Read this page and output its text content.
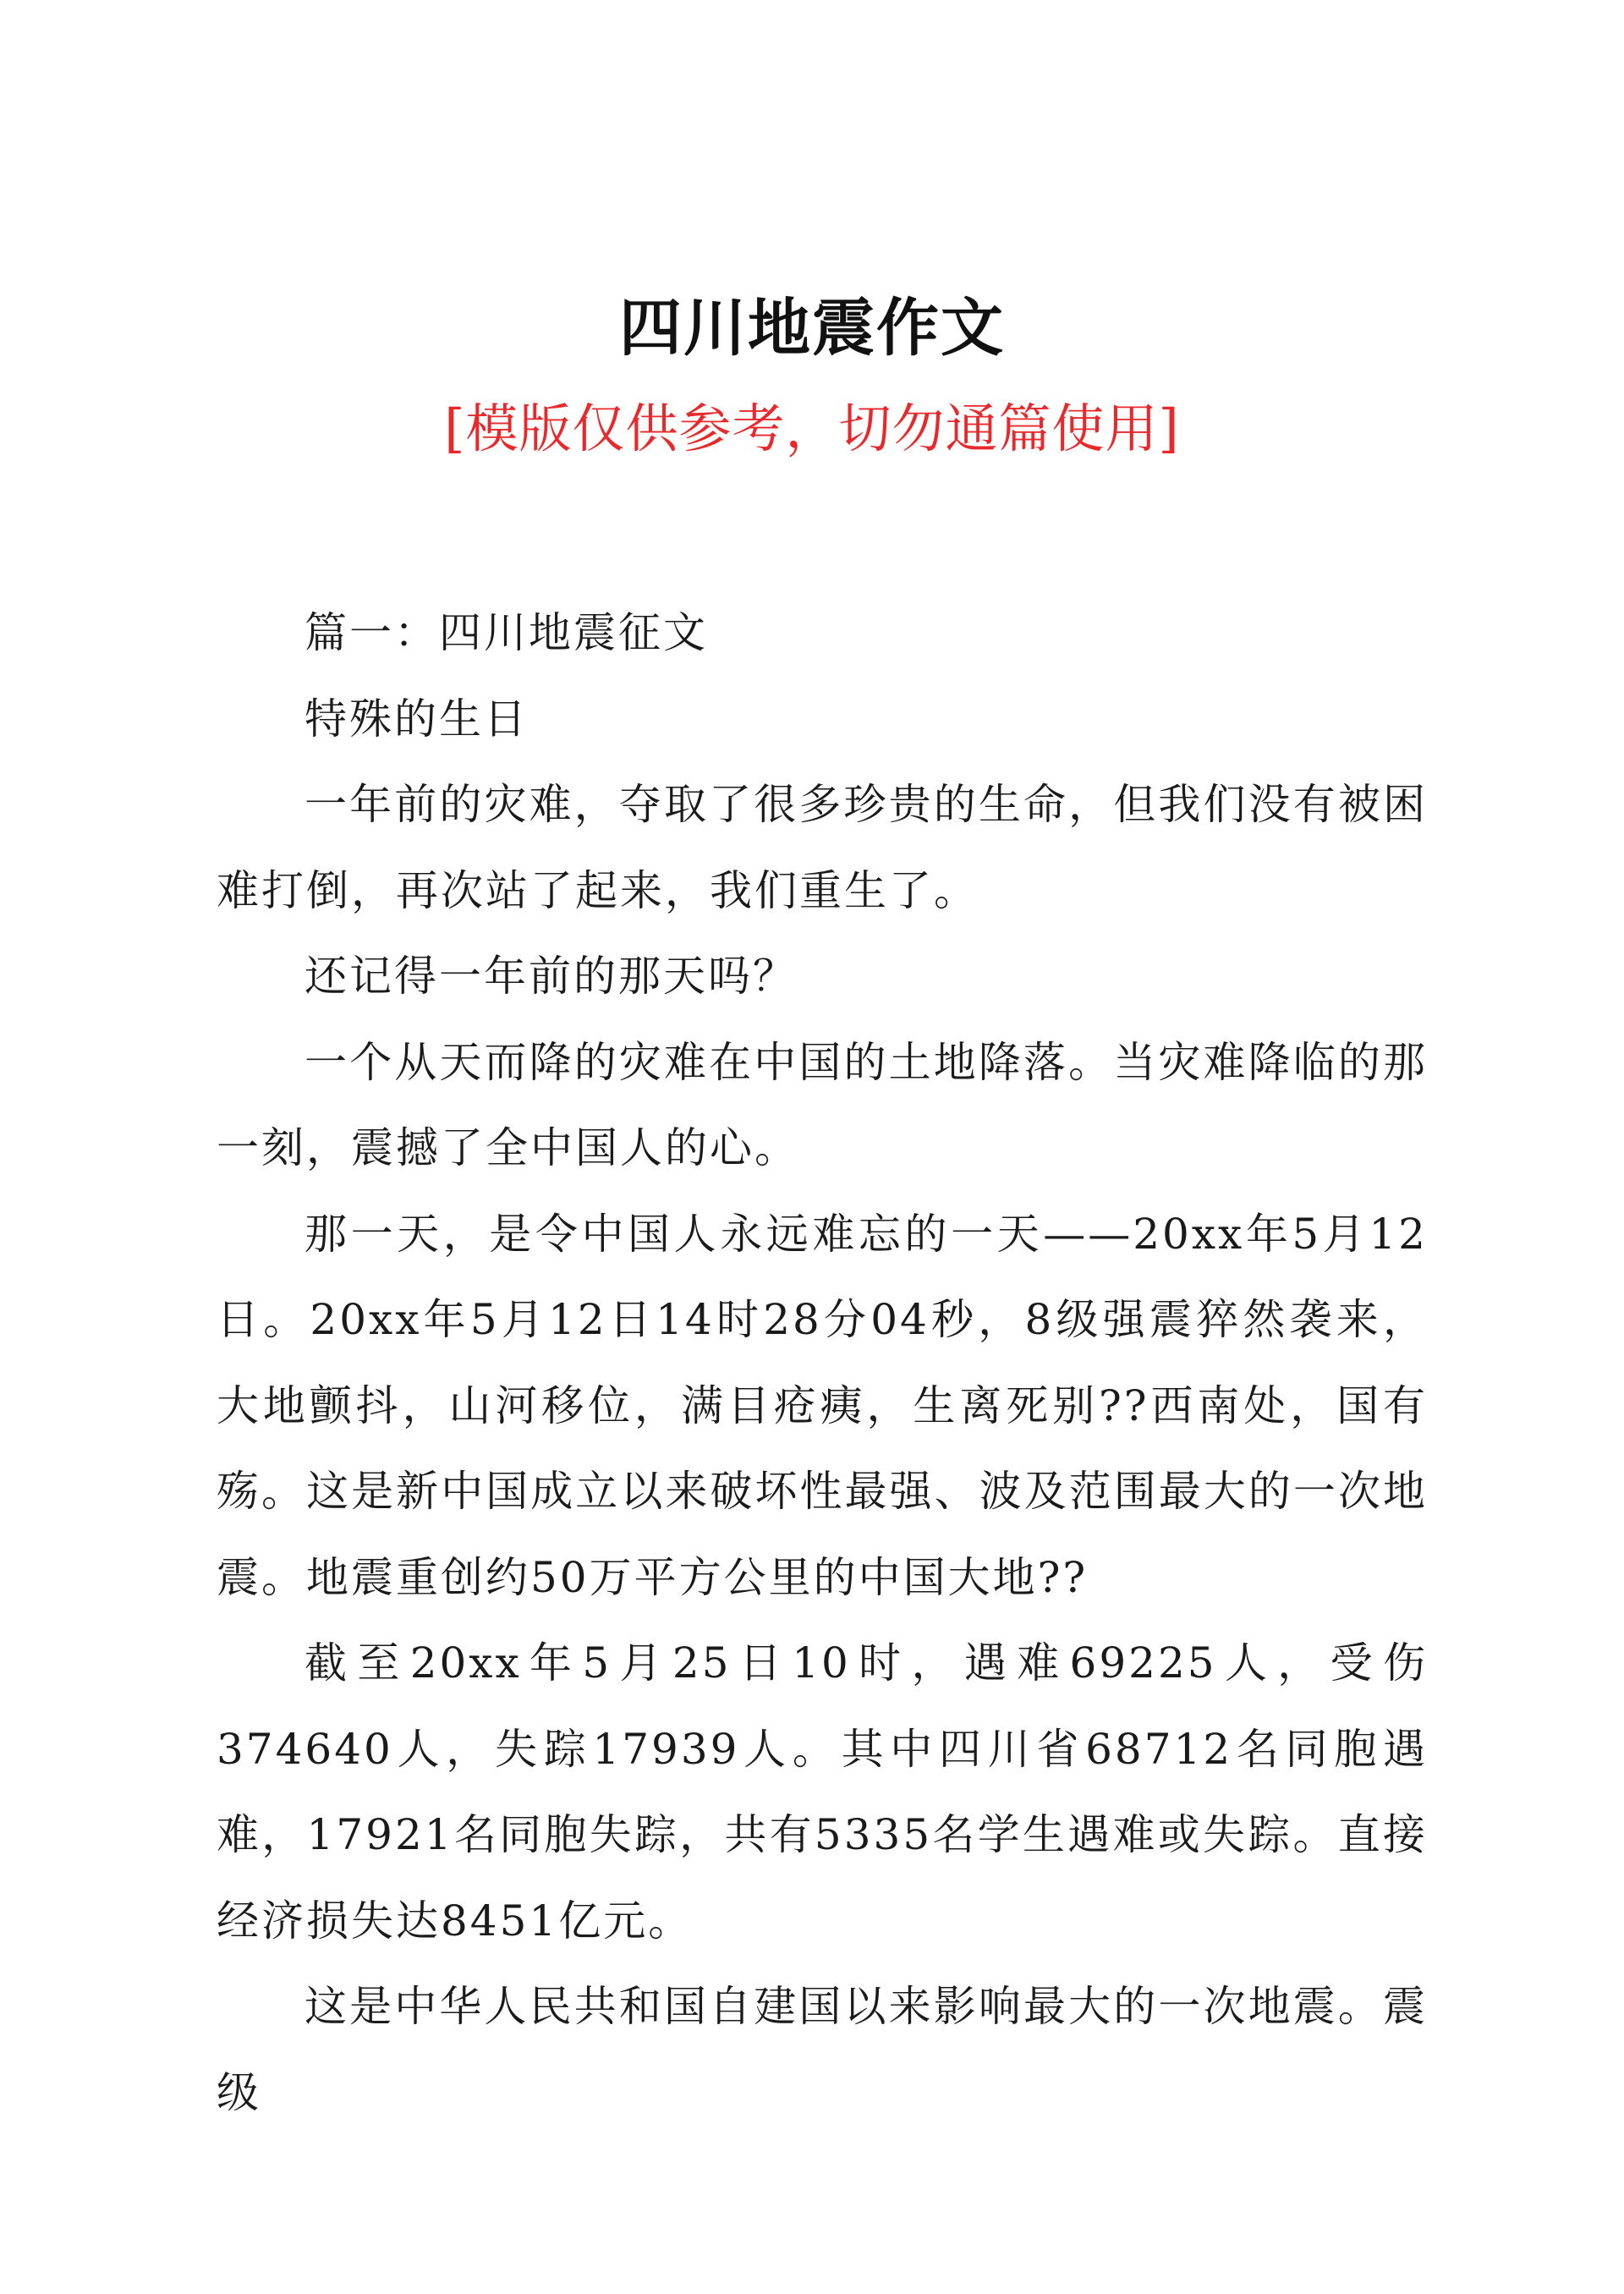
四川地震作文
[模版仅供参考，切勿通篇使用]

篇一：四川地震征文

特殊的生日

一年前的灾难，夺取了很多珍贵的生命，但我们没有被困难打倒，再次站了起来，我们重生了。

还记得一年前的那天吗？

一个从天而降的灾难在中国的土地降落。当灾难降临的那一刻，震撼了全中国人的心。

那一天，是令中国人永远难忘的一天——20xx年5月12日。20xx年5月12日14时28分04秒，8级强震猝然袭来，大地颤抖，山河移位，满目疮痍，生离死别??西南处，国有殇。这是新中国成立以来破坏性最强、波及范围最大的一次地震。地震重创约50万平方公里的中国大地??

截至20xx年5月25日10时，遇难69225人，受伤374640人，失踪17939人。其中四川省68712名同胞遇难，17921名同胞失踪，共有5335名学生遇难或失踪。直接经济损失达8451亿元。

这是中华人民共和国自建国以来影响最大的一次地震。震级
